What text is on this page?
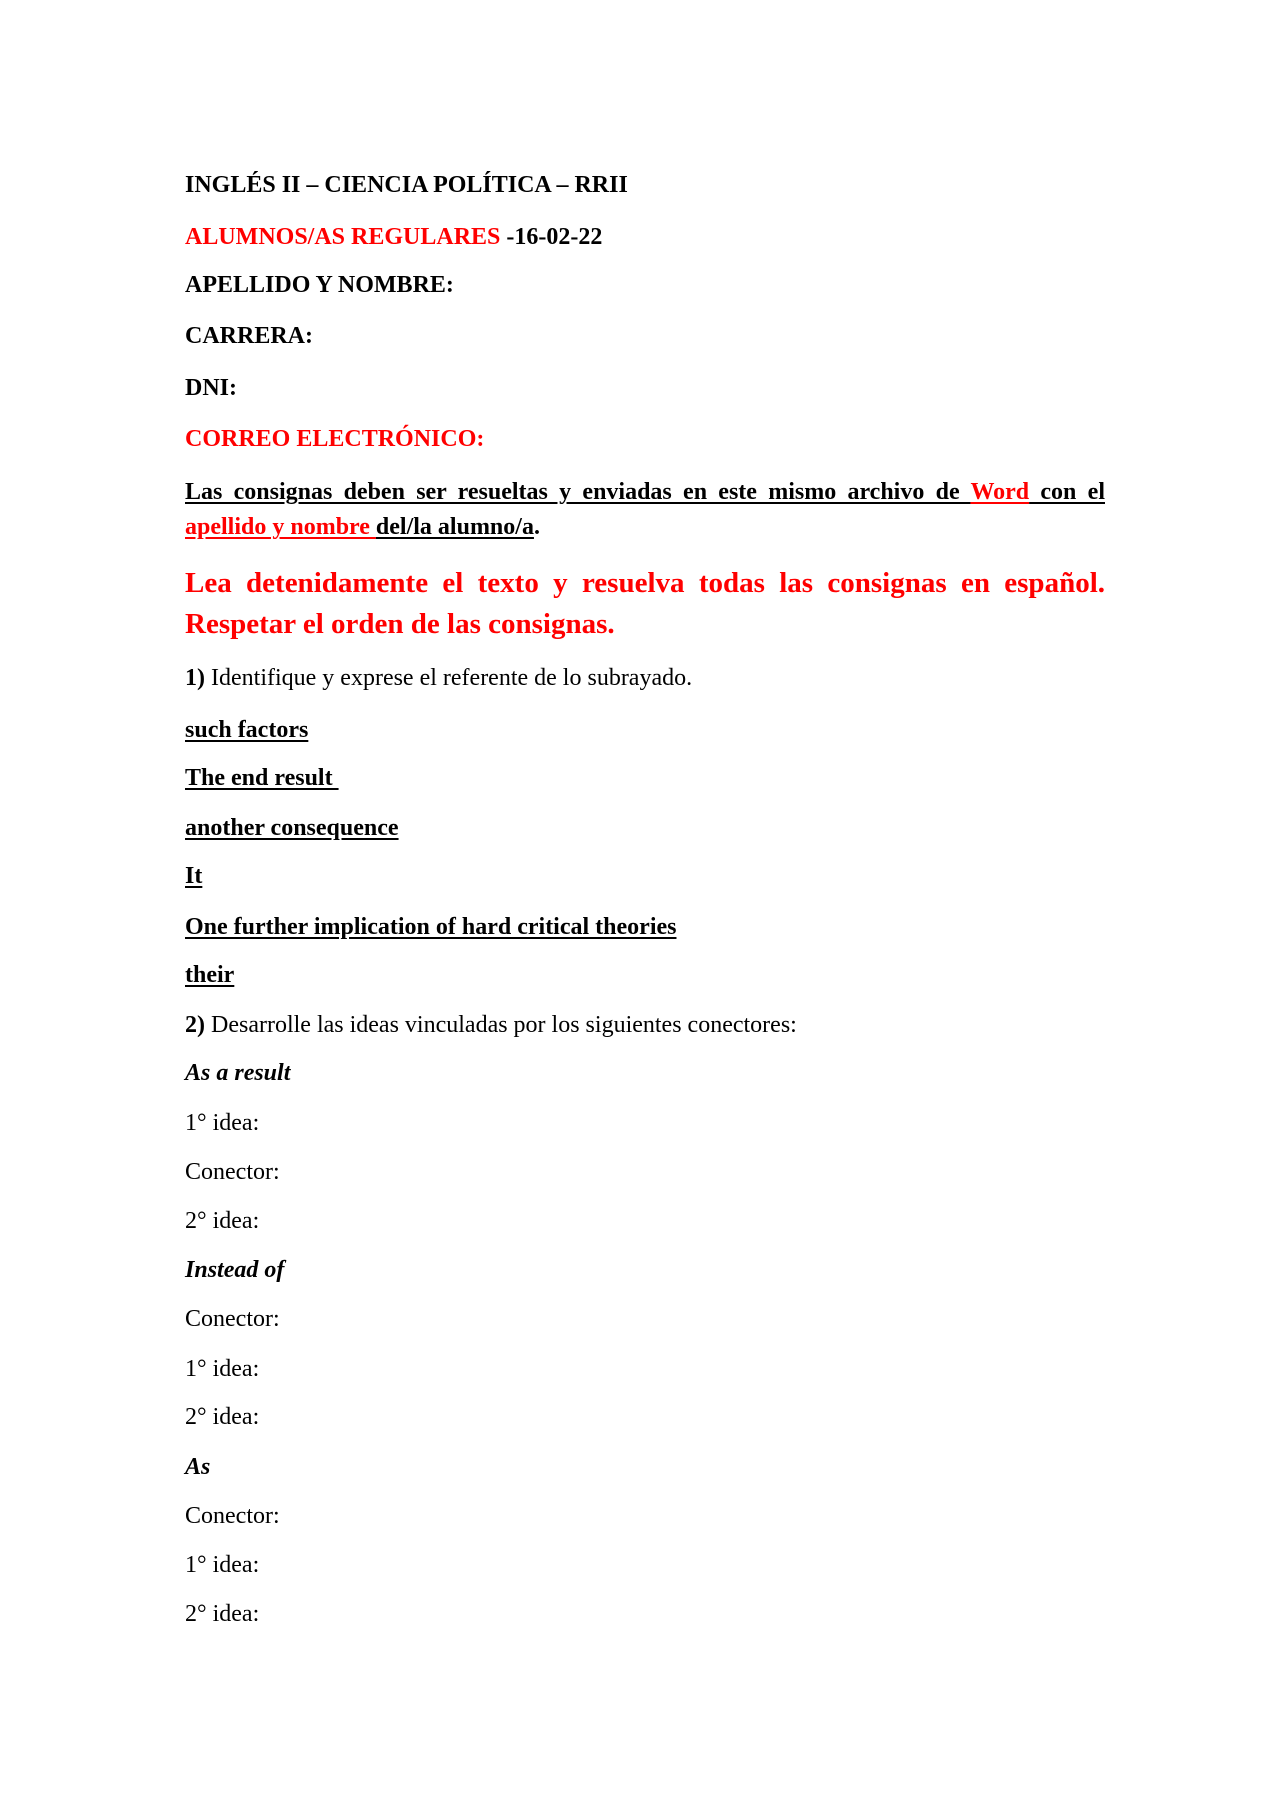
INGLÉS II – CIENCIA POLÍTICA – RRII
ALUMNOS/AS REGULARES -16-02-22
APELLIDO Y NOMBRE:
CARRERA:
DNI:
CORREO ELECTRÓNICO:
Las consignas deben ser resueltas y enviadas en este mismo archivo de Word con el apellido y nombre del/la alumno/a.
Lea detenidamente el texto y resuelva todas las consignas en español.
Respetar el orden de las consignas.
1) Identifique y exprese el referente de lo subrayado.
such factors
The end result
another consequence
It
One further implication of hard critical theories
their
2) Desarrolle las ideas vinculadas por los siguientes conectores:
As a result
1° idea:
Conector:
2° idea:
Instead of
Conector:
1° idea:
2° idea:
As
Conector:
1° idea:
2° idea:
